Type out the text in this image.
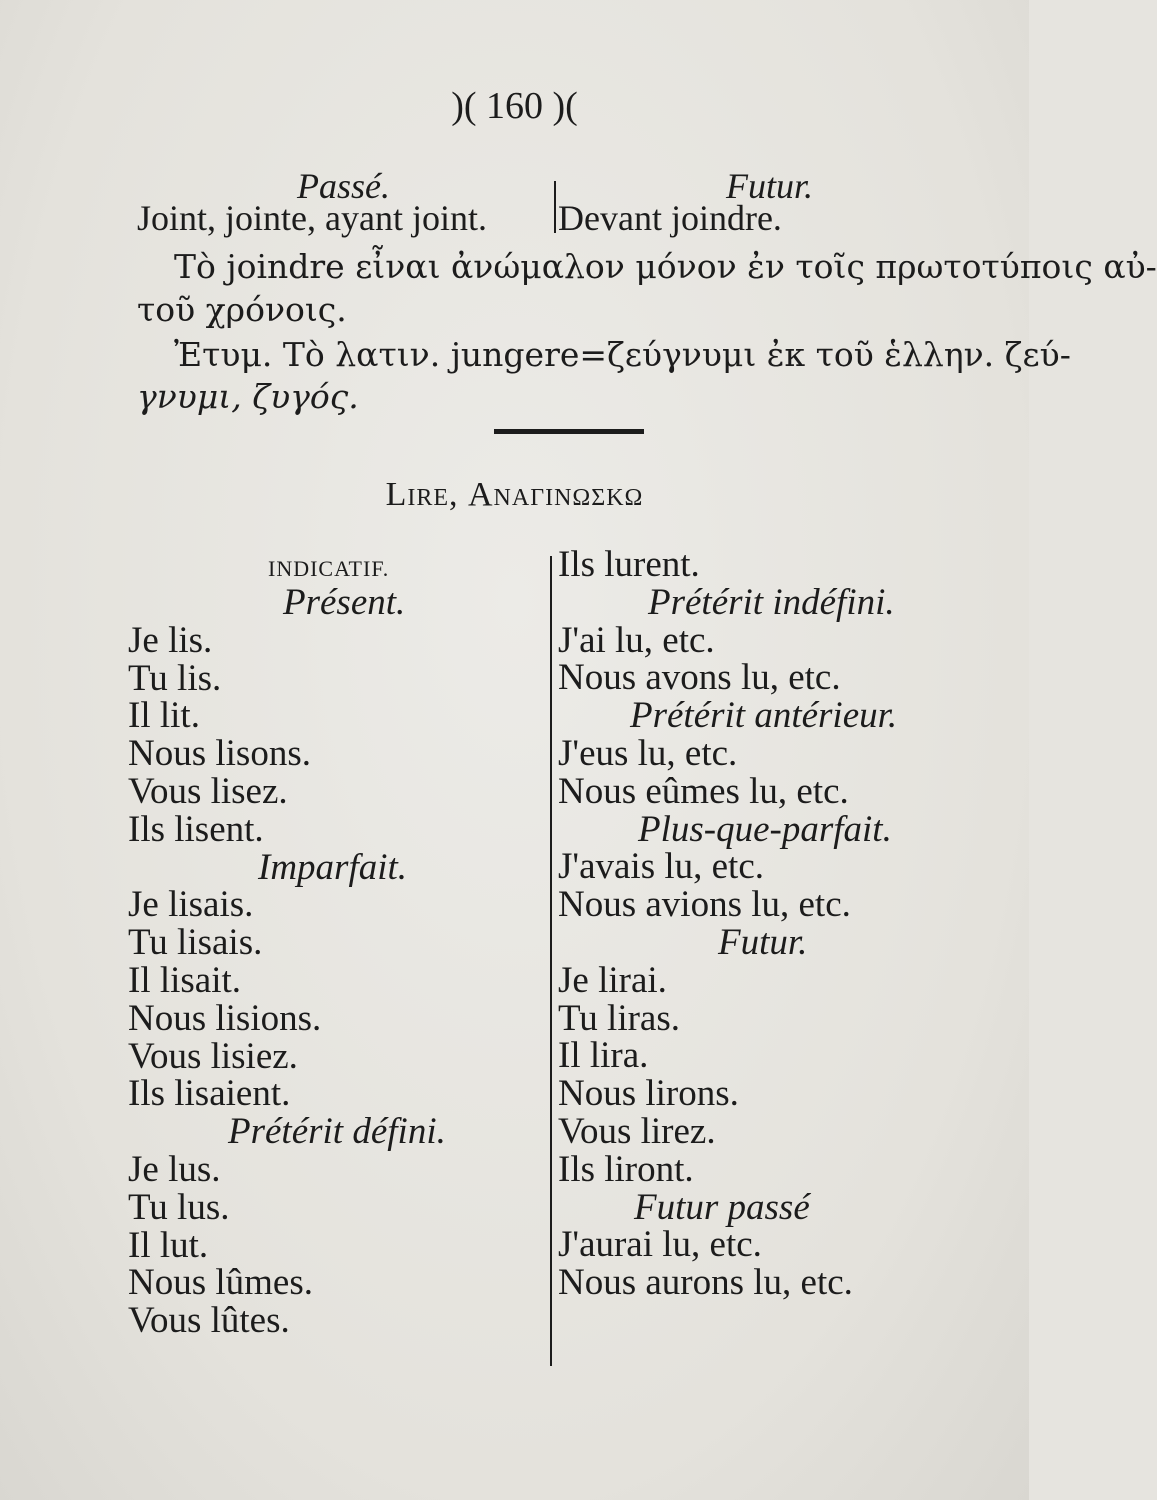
)( 160 )(
Passé.	Futur.
Joint, jointe, ayant joint. Devant joindre.
Τὸ joindre εἶναι ἀνώμαλον μόνον ἐν τοῖς πρωτοτύποις αὐ-
τοῦ χρόνοις.
Ἐτυμ. Τὸ λατιν. jungere=ζεύγνυμι ἐκ τοῦ ἑλλην. ζεύ-
γνυμι, ζυγός.
Lire, Αναγινωσκω
INDICATIF.
Présent.
Je lis.
Tu lis.
Il lit.
Nous lisons.
Vous lisez.
Ils lisent.
Imparfait.
Je lisais.
Tu lisais.
Il lisait.
Nous lisions.
Vous lisiez.
Ils lisaient.
Prétérit défini.
Je lus.
Tu lus.
Il lut.
Nous lûmes.
Vous lûtes.
Ils lurent.
Prétérit indéfini.
J'ai lu, etc.
Nous avons lu, etc.
Prétérit antérieur.
J'eus lu, etc.
Nous eûmes lu, etc.
Plus-que-parfait.
J'avais lu, etc.
Nous avions lu, etc.
Futur.
Je lirai.
Tu liras.
Il lira.
Nous lirons.
Vous lirez.
Ils liront.
Futur passé
J'aurai lu, etc.
Nous aurons lu, etc.
